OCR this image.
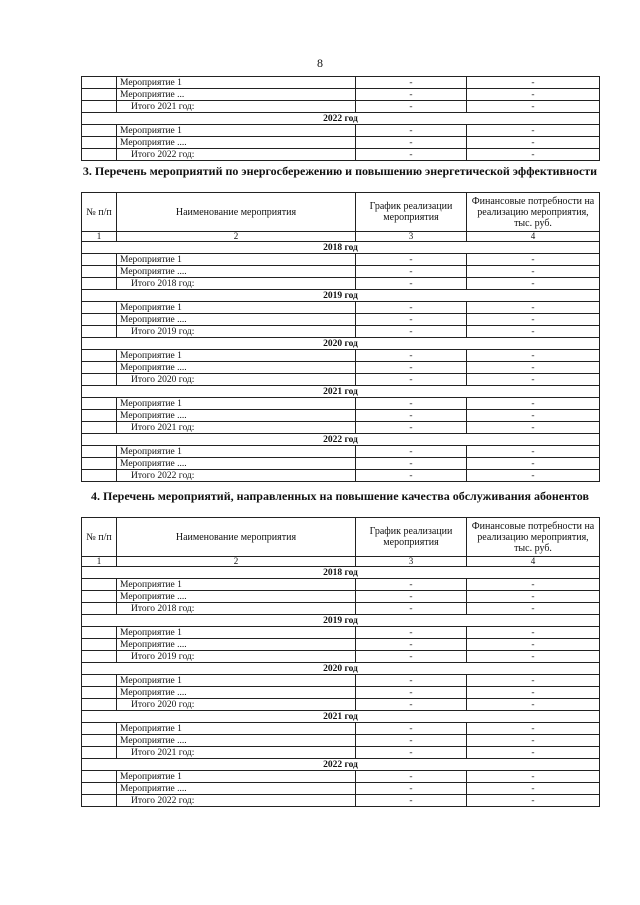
8
	Мероприятие 1	-	-
	Мероприятие ...	-	-
	Итого 2021 год:	-	-
2022 год			
	Мероприятие 1	-	-
	Мероприятие ....	-	-
	Итого 2022 год:	-	-
3. Перечень мероприятий по энергосбережению и повышению энергетической эффективности
№ п/п	Наименование мероприятия	График реализации мероприятия	Финансовые потребности на реализацию мероприятия, тыс. руб.
1	2	3	4
2018 год			
	Мероприятие 1	-	-
	Мероприятие ....	-	-
	Итого 2018 год:	-	-
2019 год			
	Мероприятие 1	-	-
	Мероприятие ....	-	-
	Итого 2019 год:	-	-
2020 год			
	Мероприятие 1	-	-
	Мероприятие ....	-	-
	Итого 2020 год:	-	-
2021 год			
	Мероприятие 1	-	-
	Мероприятие ....	-	-
	Итого 2021 год:	-	-
2022 год			
	Мероприятие 1	-	-
	Мероприятие ....	-	-
	Итого 2022 год:	-	-
4. Перечень мероприятий, направленных на повышение качества обслуживания абонентов
№ п/п	Наименование мероприятия	График реализации мероприятия	Финансовые потребности на реализацию мероприятия, тыс. руб.
1	2	3	4
2018 год			
	Мероприятие 1	-	-
	Мероприятие ....	-	-
	Итого 2018 год:	-	-
2019 год			
	Мероприятие 1	-	-
	Мероприятие ....	-	-
	Итого 2019 год:	-	-
2020 год			
	Мероприятие 1	-	-
	Мероприятие ....	-	-
	Итого 2020 год:	-	-
2021 год			
	Мероприятие 1	-	-
	Мероприятие ....	-	-
	Итого 2021 год:	-	-
2022 год			
	Мероприятие 1	-	-
	Мероприятие ....	-	-
	Итого 2022 год:	-	-
